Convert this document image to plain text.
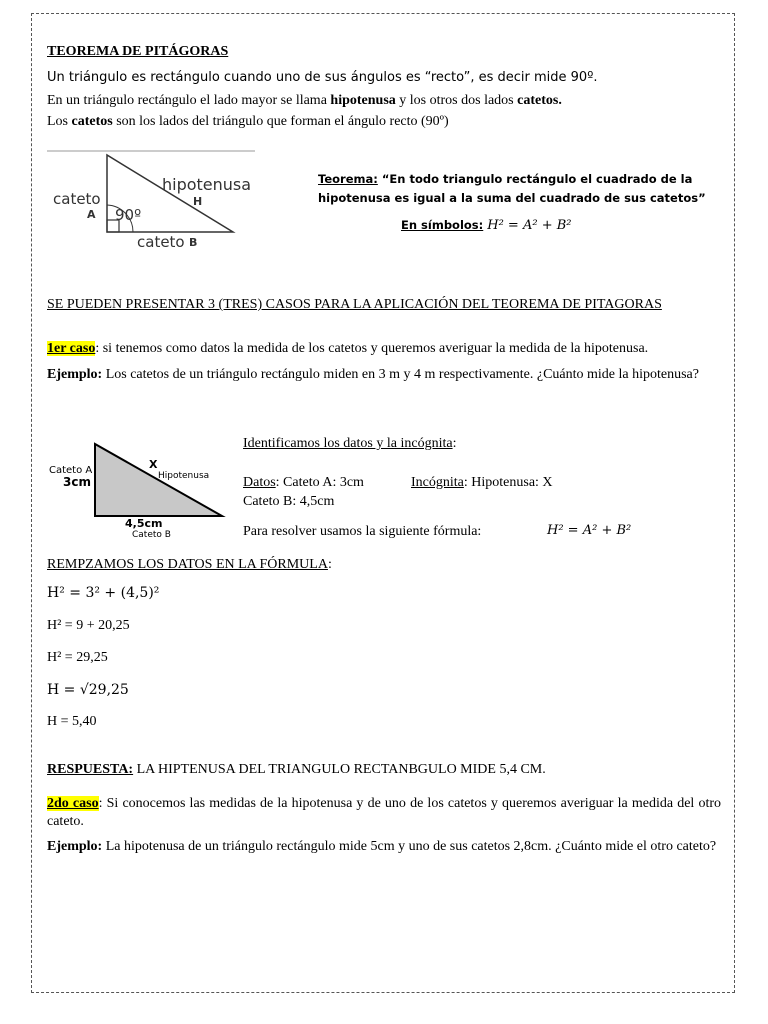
TEOREMA DE PITÁGORAS
Un triángulo es rectángulo cuando uno de sus ángulos es “recto”, es decir mide 90º.
En un triángulo rectángulo el lado mayor se llama hipotenusa y los otros dos lados catetos.
Los catetos son los lados del triángulo que forman el ángulo recto (90º)
cateto
A 90º
hipotenusa
H
cateto B
Teorema: “En todo triangulo rectángulo el cuadrado de la
hipotenusa es igual a la suma del cuadrado de sus catetos”
En símbolos: H² = A² + B²
SE PUEDEN PRESENTAR 3 (TRES) CASOS PARA LA APLICACIÓN DEL TEOREMA DE PITAGORAS
1er caso: si tenemos como datos la medida de los catetos y queremos averiguar la medida de la hipotenusa.
Ejemplo: Los catetos de un triángulo rectángulo miden en 3 m y 4 m respectivamente. ¿Cuánto mide la hipotenusa?
Cateto A
3cm
X
Hipotenusa
4,5cm
Cateto B
Identificamos los datos y la incógnita:
Datos: Cateto A: 3cm	Incógnita: Hipotenusa: X
Cateto B: 4,5cm
Para resolver usamos la siguiente fórmula:	H² = A² + B²
REMPZAMOS LOS DATOS EN LA FÓRMULA:
H² = 3² + (4,5)²
H² = 9 + 20,25
H² = 29,25
H = √29,25
H = 5,40
RESPUESTA: LA HIPTENUSA DEL TRIANGULO RECTANBGULO MIDE 5,4 CM.
2do caso: Si conocemos las medidas de la hipotenusa y de uno de los catetos y queremos averiguar la medida del otro cateto.
Ejemplo: La hipotenusa de un triángulo rectángulo mide 5cm y uno de sus catetos 2,8cm. ¿Cuánto mide el otro cateto?
